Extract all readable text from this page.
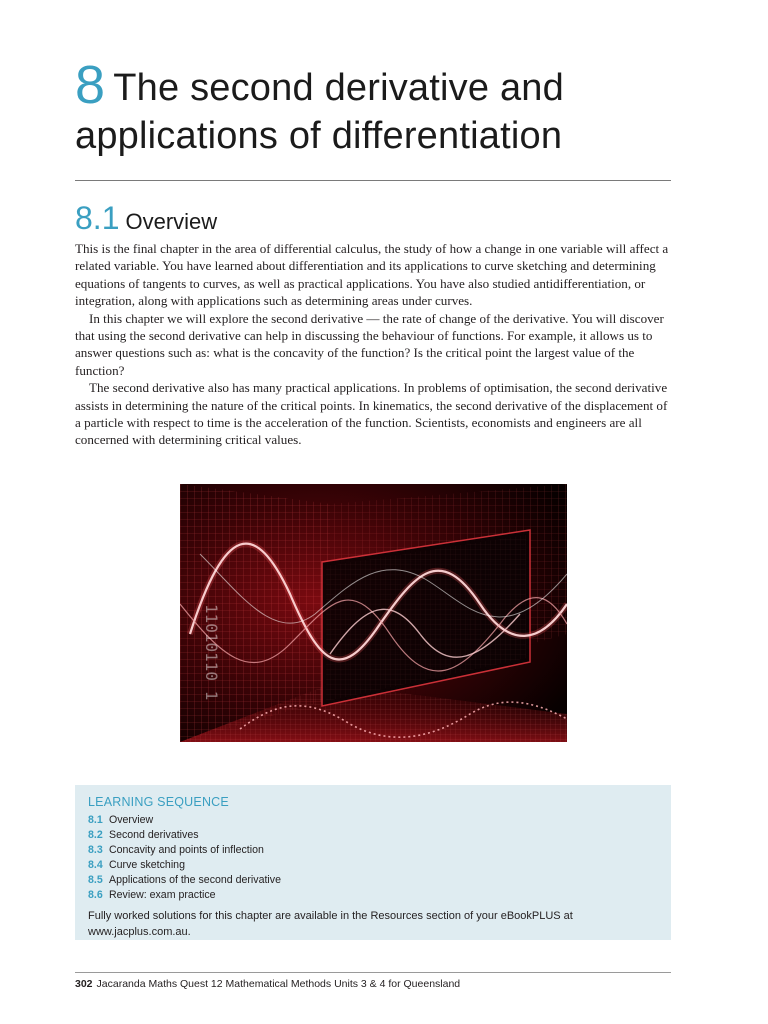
8 The second derivative and applications of differentiation
8.1 Overview

This is the final chapter in the area of differential calculus, the study of how a change in one variable will affect a related variable. You have learned about differentiation and its applications to curve sketching and determining equations of tangents to curves, as well as practical applications. You have also studied antidifferentiation, or integration, along with applications such as determining areas under curves.

In this chapter we will explore the second derivative — the rate of change of the derivative. You will discover that using the second derivative can help in discussing the behaviour of functions. For example, it allows us to answer questions such as: what is the concavity of the function? Is the critical point the largest value of the function?

The second derivative also has many practical applications. In problems of optimisation, the second derivative assists in determining the nature of the critical points. In kinematics, the second derivative of the displacement of a particle with respect to time is the acceleration of the function. Scientists, economists and engineers are all concerned with determining critical values.

11010110 1
LEARNING SEQUENCE
8.1 Overview
8.2 Second derivatives
8.3 Concavity and points of inflection
8.4 Curve sketching
8.5 Applications of the second derivative
8.6 Review: exam practice
Fully worked solutions for this chapter are available in the Resources section of your eBookPLUS at www.jacplus.com.au.
302 Jacaranda Maths Quest 12 Mathematical Methods Units 3 & 4 for Queensland
